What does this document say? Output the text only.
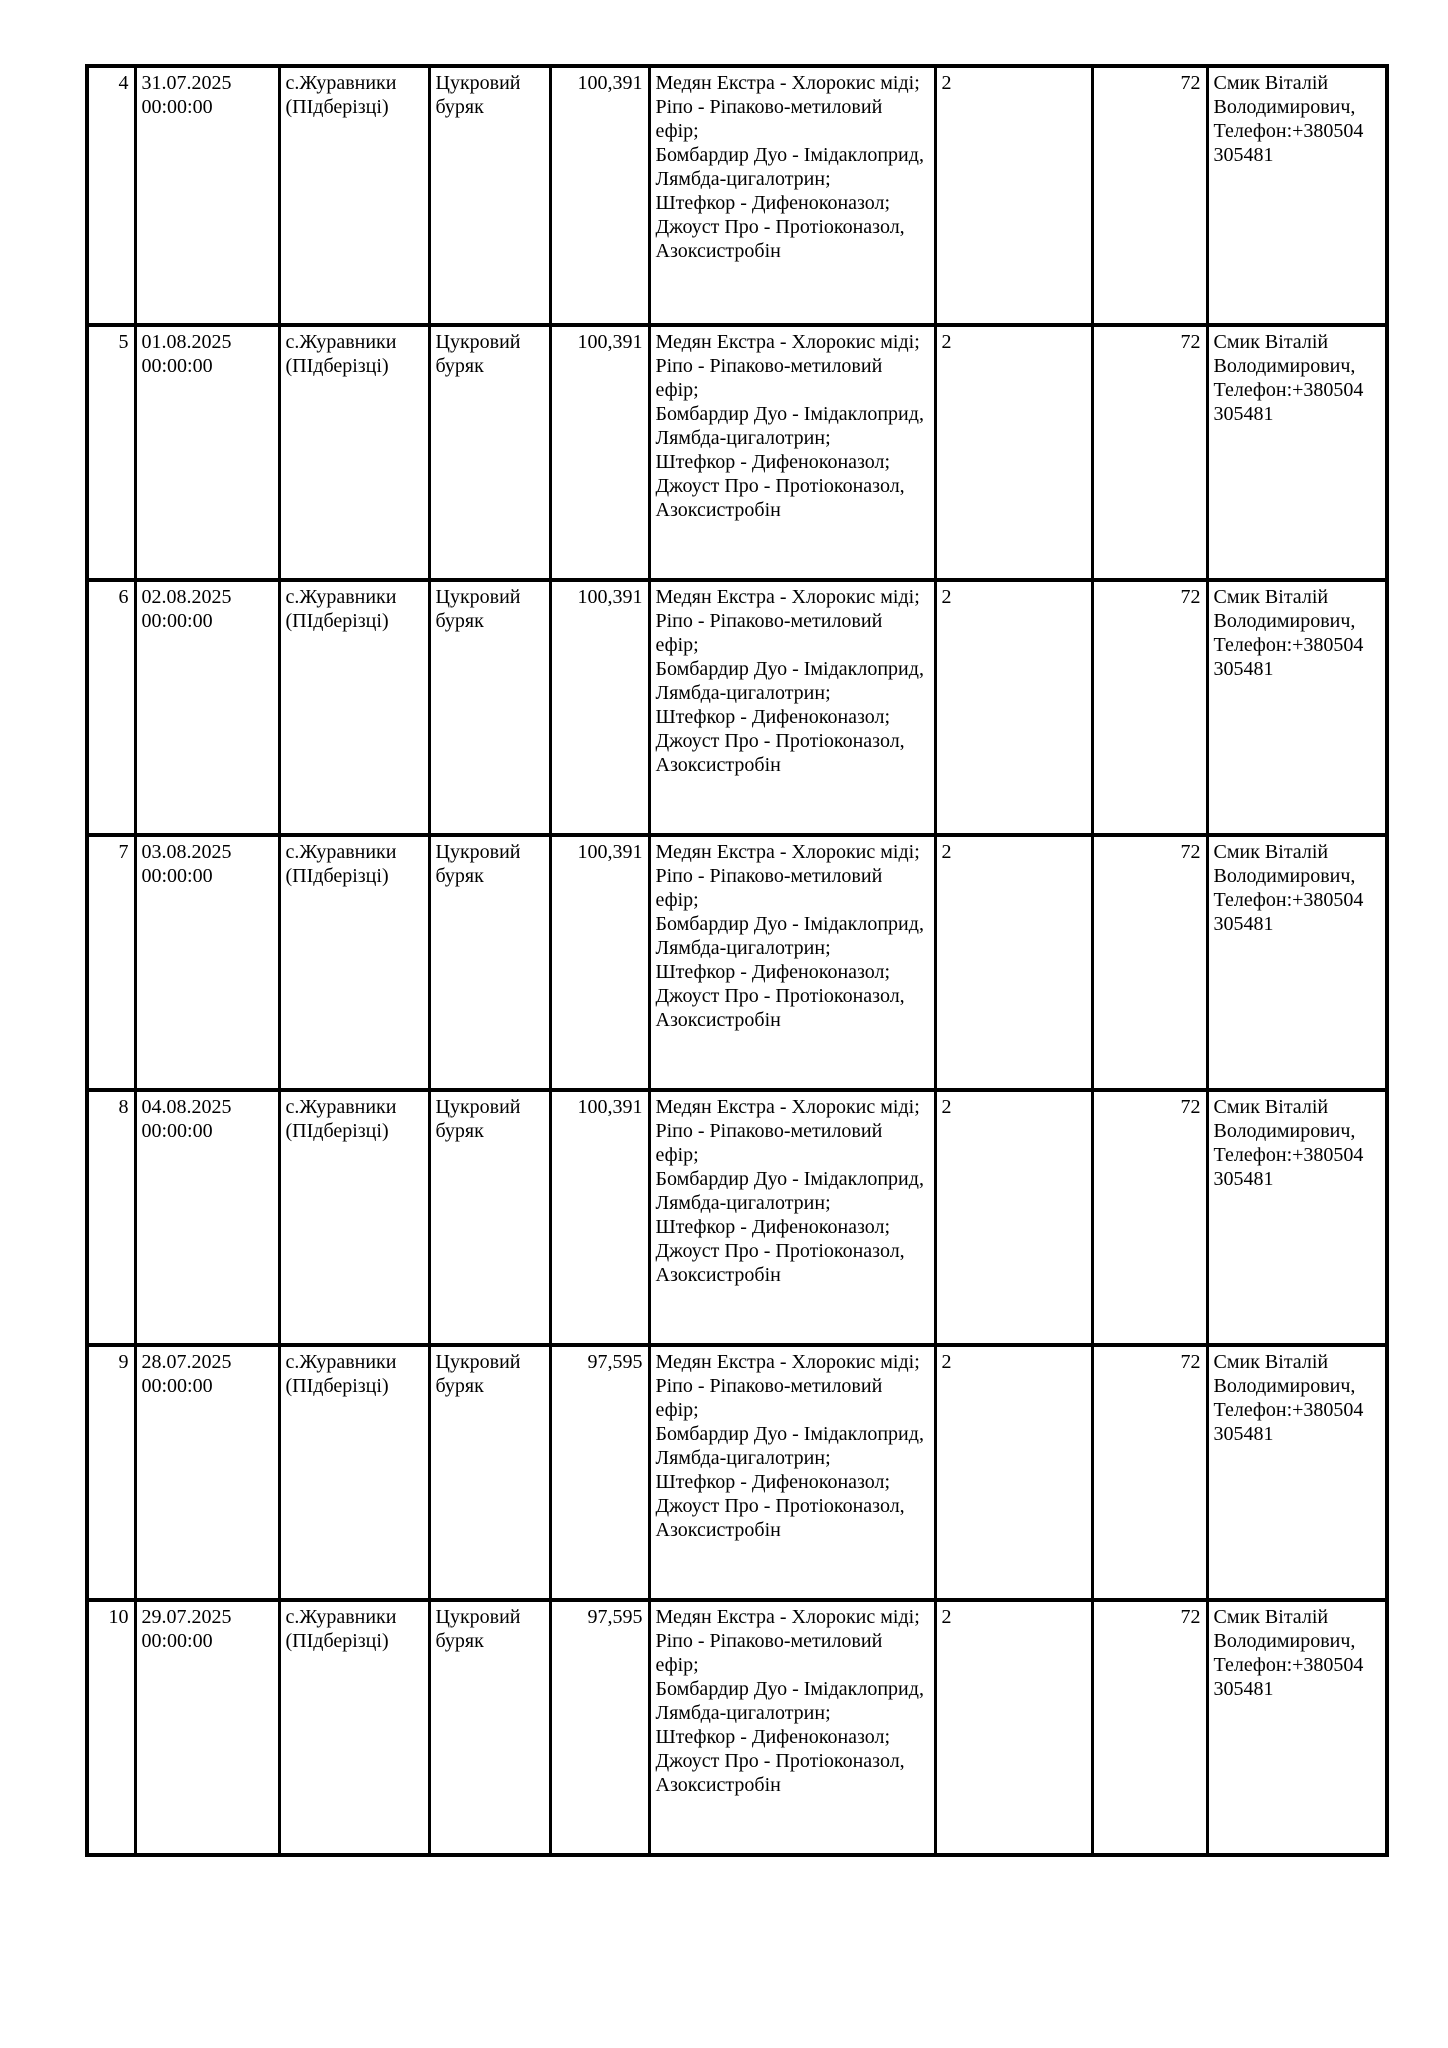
4	31.07.2025 00:00:00	с.Журавники (ПІдберізці)	Цукровий буряк	100,391	Медян Екстра - Хлорокис міді;
Ріпо - Ріпаково-метиловий ефір;
Бомбардир Дуо - Імідаклоприд, Лямбда-цигалотрин;
Штефкор - Дифеноконазол;
Джоуст Про - Протіоконазол, Азоксистробін	2	72	Смик Віталій Володимирович, Телефон:+380504 305481
5	01.08.2025 00:00:00	с.Журавники (ПІдберізці)	Цукровий буряк	100,391	Медян Екстра - Хлорокис міді;
Ріпо - Ріпаково-метиловий ефір;
Бомбардир Дуо - Імідаклоприд, Лямбда-цигалотрин;
Штефкор - Дифеноконазол;
Джоуст Про - Протіоконазол, Азоксистробін	2	72	Смик Віталій Володимирович, Телефон:+380504 305481
6	02.08.2025 00:00:00	с.Журавники (ПІдберізці)	Цукровий буряк	100,391	Медян Екстра - Хлорокис міді;
Ріпо - Ріпаково-метиловий ефір;
Бомбардир Дуо - Імідаклоприд, Лямбда-цигалотрин;
Штефкор - Дифеноконазол;
Джоуст Про - Протіоконазол, Азоксистробін	2	72	Смик Віталій Володимирович, Телефон:+380504 305481
7	03.08.2025 00:00:00	с.Журавники (ПІдберізці)	Цукровий буряк	100,391	Медян Екстра - Хлорокис міді;
Ріпо - Ріпаково-метиловий ефір;
Бомбардир Дуо - Імідаклоприд, Лямбда-цигалотрин;
Штефкор - Дифеноконазол;
Джоуст Про - Протіоконазол, Азоксистробін	2	72	Смик Віталій Володимирович, Телефон:+380504 305481
8	04.08.2025 00:00:00	с.Журавники (ПІдберізці)	Цукровий буряк	100,391	Медян Екстра - Хлорокис міді;
Ріпо - Ріпаково-метиловий ефір;
Бомбардир Дуо - Імідаклоприд, Лямбда-цигалотрин;
Штефкор - Дифеноконазол;
Джоуст Про - Протіоконазол, Азоксистробін	2	72	Смик Віталій Володимирович, Телефон:+380504 305481
9	28.07.2025 00:00:00	с.Журавники (ПІдберізці)	Цукровий буряк	97,595	Медян Екстра - Хлорокис міді;
Ріпо - Ріпаково-метиловий ефір;
Бомбардир Дуо - Імідаклоприд, Лямбда-цигалотрин;
Штефкор - Дифеноконазол;
Джоуст Про - Протіоконазол, Азоксистробін	2	72	Смик Віталій Володимирович, Телефон:+380504 305481
10	29.07.2025 00:00:00	с.Журавники (ПІдберізці)	Цукровий буряк	97,595	Медян Екстра - Хлорокис міді;
Ріпо - Ріпаково-метиловий ефір;
Бомбардир Дуо - Імідаклоприд, Лямбда-цигалотрин;
Штефкор - Дифеноконазол;
Джоуст Про - Протіоконазол, Азоксистробін	2	72	Смик Віталій Володимирович, Телефон:+380504 305481
